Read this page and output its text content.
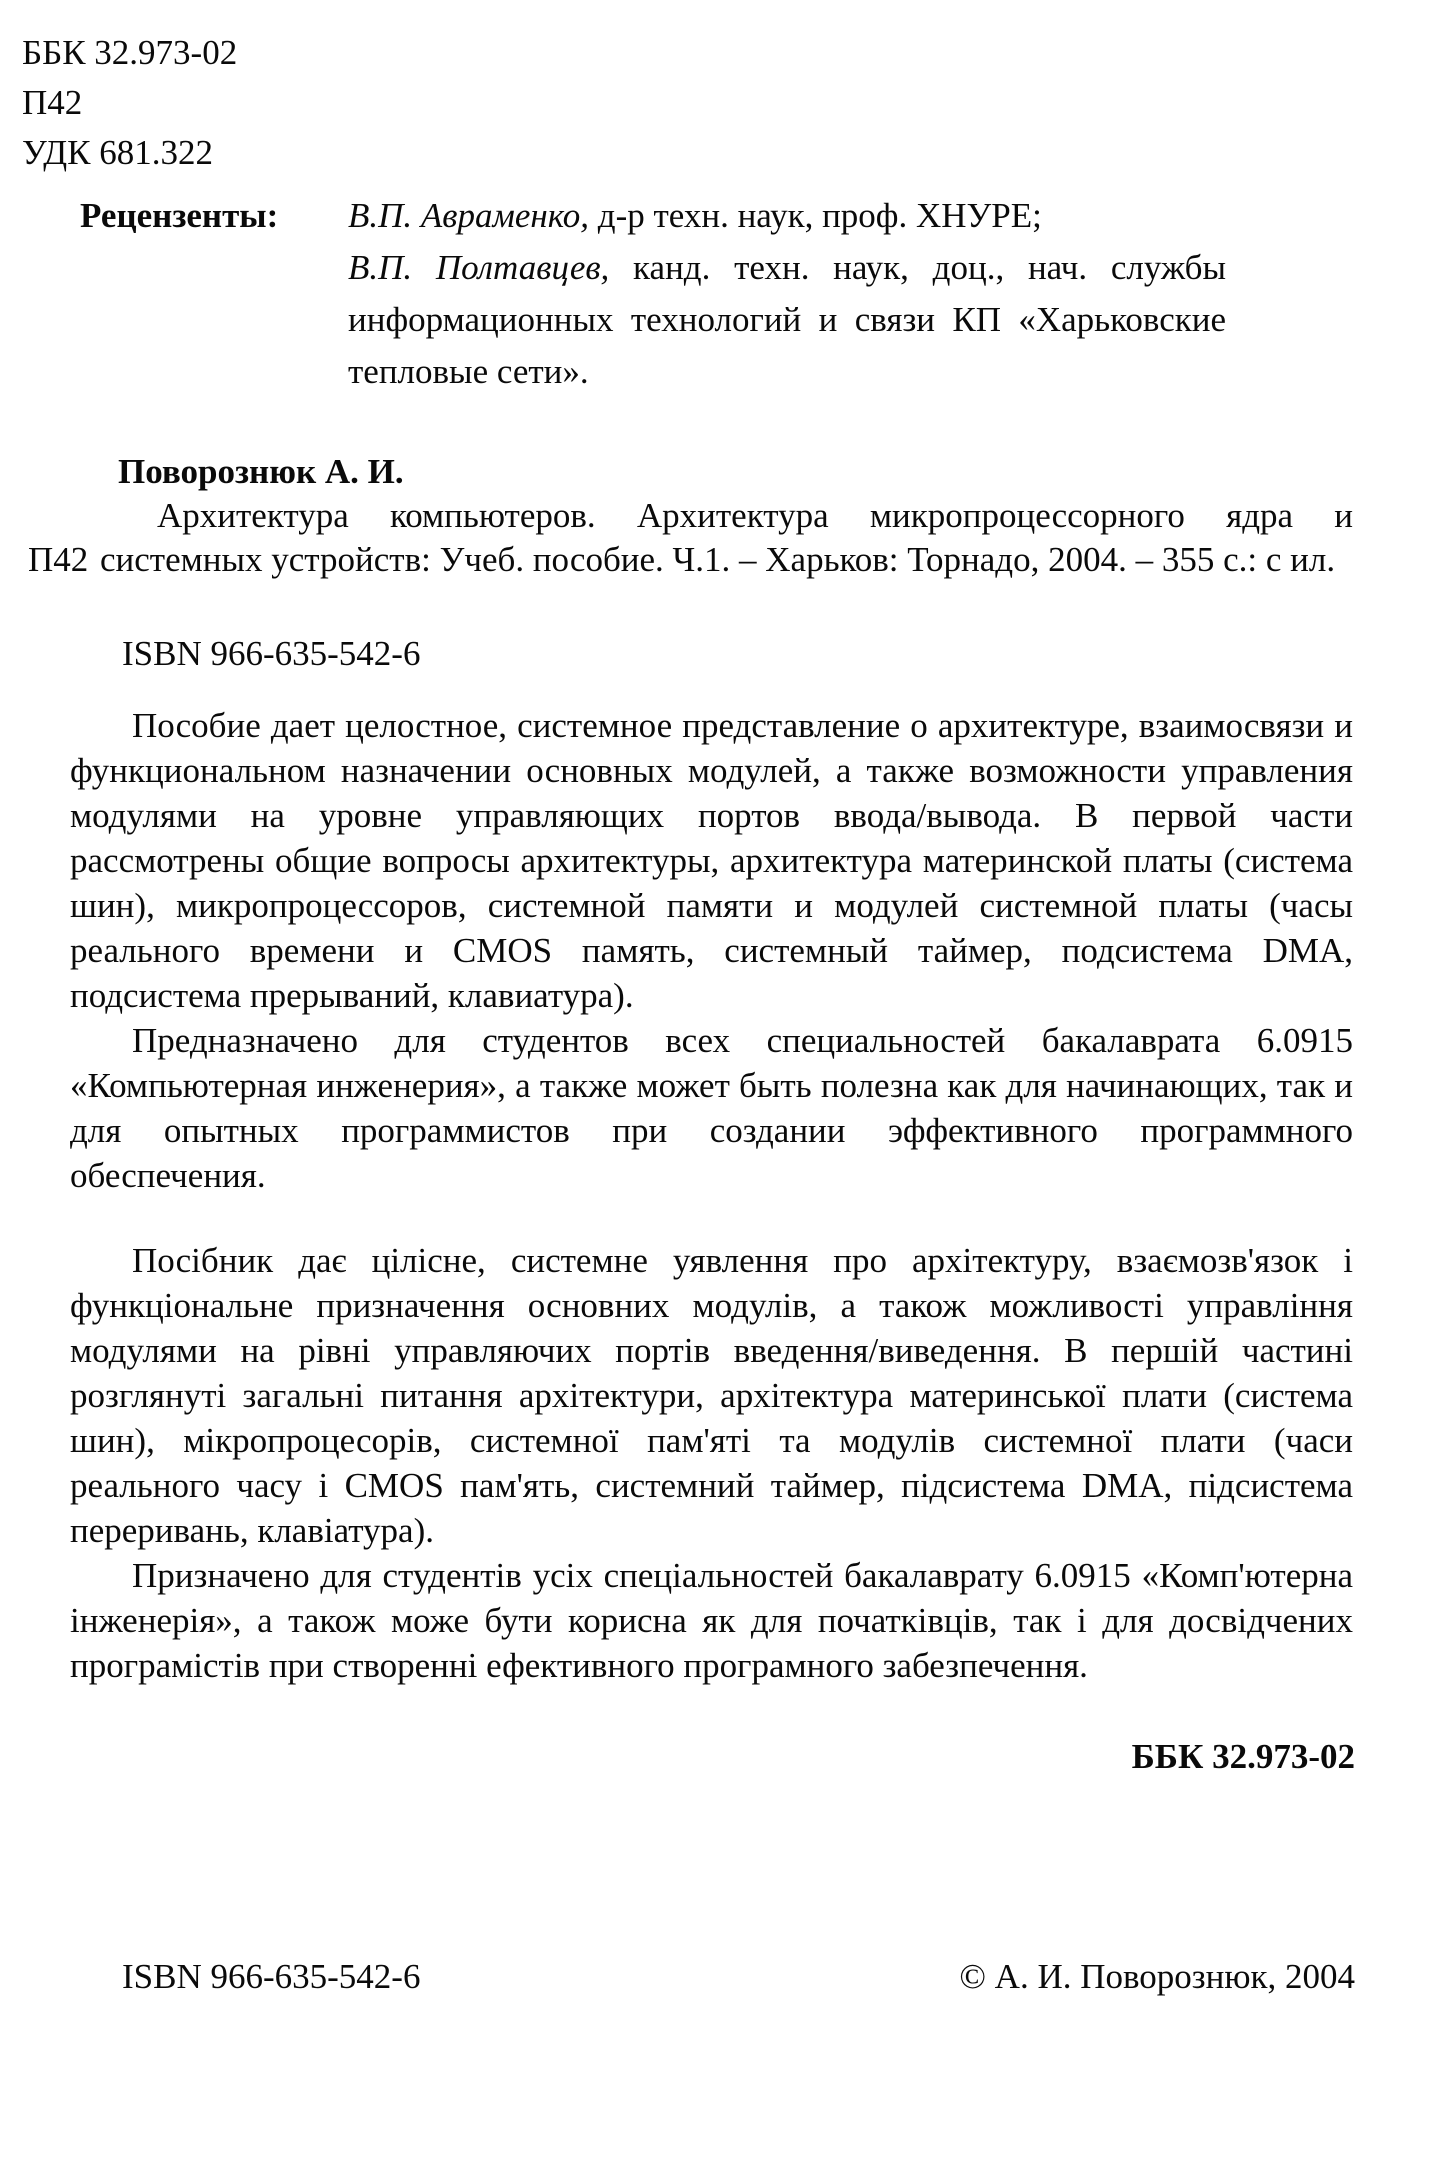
ББК 32.973-02
П42
УДК 681.322
Рецензенты:	В.П. Авраменко, д-р техн. наук, проф. ХНУРЕ;
В.П. Полтавцев, канд. техн. наук, доц., нач. службы информационных технологий и связи КП «Харьковские тепловые сети».
Поворознюк А. И.

П42
Архитектура компьютеров. Архитектура микропроцессорного ядра и системных устройств: Учеб. пособие. Ч.1. – Харьков: Торнадо, 2004. – 355 с.: с ил.

ISBN 966-635-542-6

Пособие дает целостное, системное представление о архитектуре, взаимосвязи и функциональном назначении основных модулей, а также возможности управления модулями на уровне управляющих портов ввода/вывода. В первой части рассмотрены общие вопросы архитектуры, архитектура материнской платы (система шин), микропроцессоров, системной памяти и модулей системной платы (часы реального времени и CMOS память, системный таймер, подсистема DMA, подсистема прерываний, клавиатура).

Предназначено для студентов всех специальностей бакалаврата 6.0915 «Компьютерная инженерия», а также может быть полезна как для начинающих, так и для опытных программистов при создании эффективного программного обеспечения.

Посібник дає цілісне, системне уявлення про архітектуру, взаємозв'язок і функціональне призначення основних модулів, а також можливості управління модулями на рівні управляючих портів введення/виведення. В першій частині розглянуті загальні питання архітектури, архітектура материнської плати (система шин), мікропроцесорів, системної пам'яті та модулів системної плати (часи реального часу і CMOS пам'ять, системний таймер, підсистема DMA, підсистема переривань, клавіатура).

Призначено для студентів усіх спеціальностей бакалаврату 6.0915 «Комп'ютерна інженерія», а також може бути корисна як для початківців, так і для досвідчених програмістів при створенні ефективного програмного забезпечення.

ББК 32.973-02
ISBN 966-635-542-6	© А. И. Поворознюк, 2004
